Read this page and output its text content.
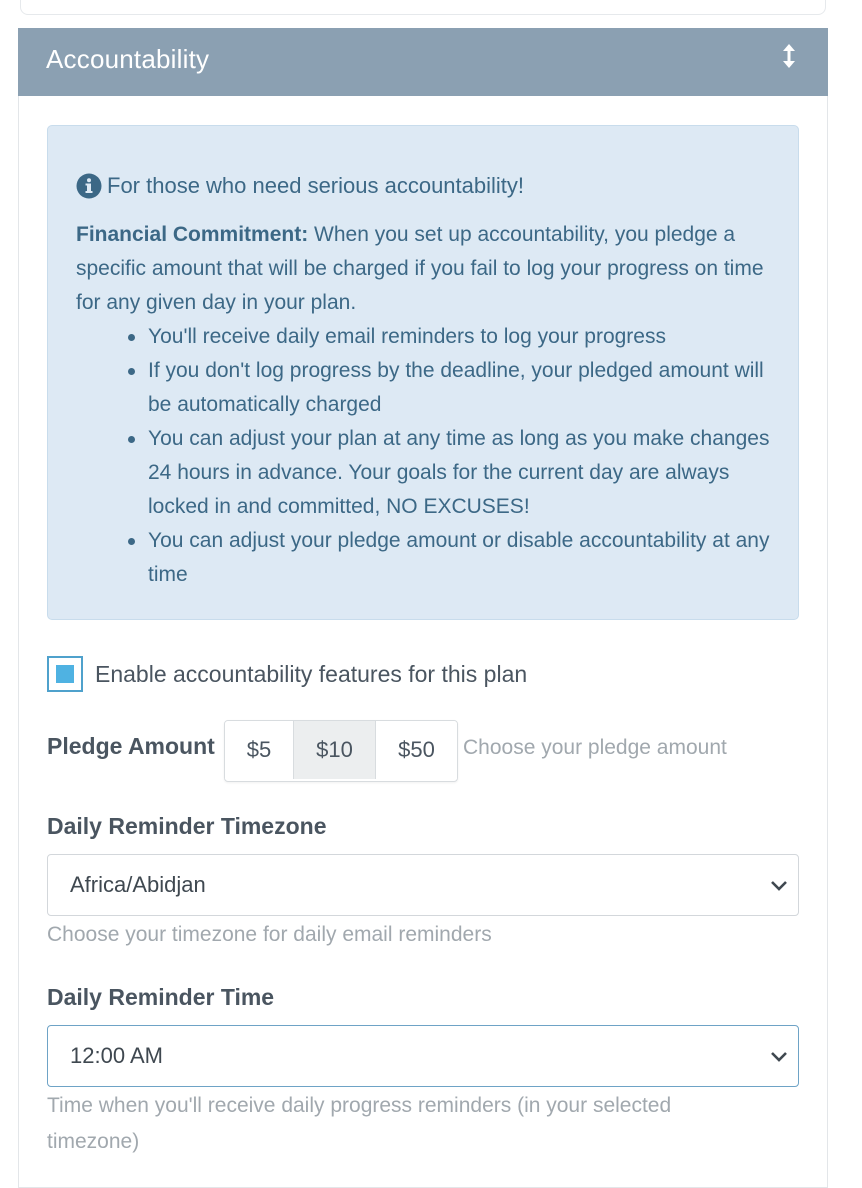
Accountability
For those who need serious accountability!
Financial Commitment: When you set up accountability, you pledge a specific amount that will be charged if you fail to log your progress on time for any given day in your plan.
You'll receive daily email reminders to log your progress
If you don't log progress by the deadline, your pledged amount will be automatically charged
You can adjust your plan at any time as long as you make changes 24 hours in advance. Your goals for the current day are always locked in and committed, NO EXCUSES!
You can adjust your pledge amount or disable accountability at any time
Enable accountability features for this plan
Pledge Amount	$5	$10	$50	Choose your pledge amount
Daily Reminder Timezone
Africa/Abidjan
Choose your timezone for daily email reminders
Daily Reminder Time
12:00 AM
Time when you'll receive daily progress reminders (in your selected timezone)
